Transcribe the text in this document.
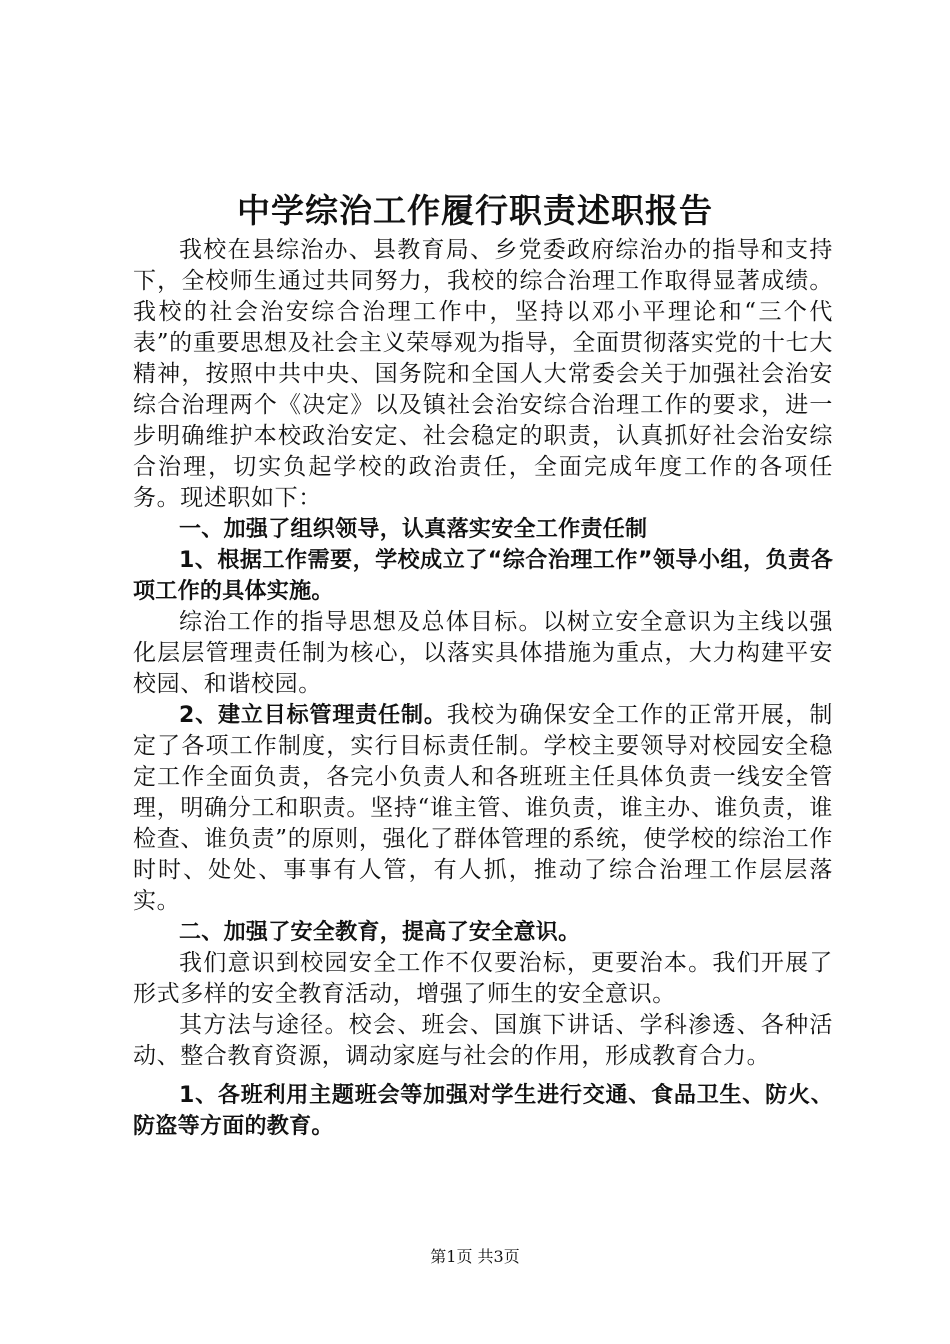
中学综治工作履行职责述职报告

我校在县综治办、县教育局、乡党委政府综治办的指导和支持下，全校师生通过共同努力，我校的综合治理工作取得显著成绩。我校的社会治安综合治理工作中，坚持以邓小平理论和“三个代表”的重要思想及社会主义荣辱观为指导，全面贯彻落实党的十七大精神，按照中共中央、国务院和全国人大常委会关于加强社会治安综合治理两个《决定》以及镇社会治安综合治理工作的要求，进一步明确维护本校政治安定、社会稳定的职责，认真抓好社会治安综合治理，切实负起学校的政治责任，全面完成年度工作的各项任务。现述职如下：

一、加强了组织领导，认真落实安全工作责任制

1、根据工作需要，学校成立了“综合治理工作”领导小组，负责各项工作的具体实施。

综治工作的指导思想及总体目标。以树立安全意识为主线以强化层层管理责任制为核心，以落实具体措施为重点，大力构建平安校园、和谐校园。

2、建立目标管理责任制。我校为确保安全工作的正常开展，制定了各项工作制度，实行目标责任制。学校主要领导对校园安全稳定工作全面负责，各完小负责人和各班班主任具体负责一线安全管理，明确分工和职责。坚持“谁主管、谁负责，谁主办、谁负责，谁检查、谁负责”的原则，强化了群体管理的系统，使学校的综治工作时时、处处、事事有人管，有人抓，推动了综合治理工作层层落实。

二、加强了安全教育，提高了安全意识。

我们意识到校园安全工作不仅要治标，更要治本。我们开展了形式多样的安全教育活动，增强了师生的安全意识。

其方法与途径。校会、班会、国旗下讲话、学科渗透、各种活动、整合教育资源，调动家庭与社会的作用，形成教育合力。

1、各班利用主题班会等加强对学生进行交通、食品卫生、防火、防盗等方面的教育。

第1页 共3页
